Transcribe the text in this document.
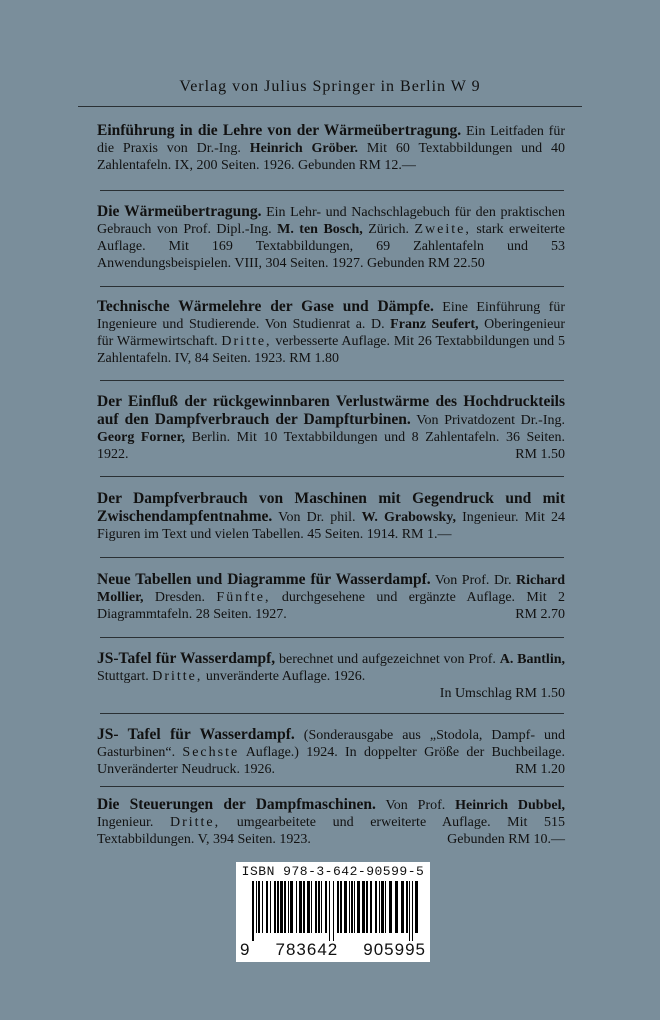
Verlag von Julius Springer in Berlin W 9
Einführung in die Lehre von der Wärmeübertragung. Ein Leitfaden für die Praxis von Dr.-Ing. Heinrich Gröber. Mit 60 Textabbildungen und 40 Zahlentafeln. IX, 200 Seiten. 1926. Gebunden RM 12.—
Die Wärmeübertragung. Ein Lehr- und Nachschlagebuch für den praktischen Gebrauch von Prof. Dipl.-Ing. M. ten Bosch, Zürich. Zweite, stark erweiterte Auflage. Mit 169 Textabbildungen, 69 Zahlentafeln und 53 Anwendungsbeispielen. VIII, 304 Seiten. 1927. Gebunden RM 22.50
Technische Wärmelehre der Gase und Dämpfe. Eine Einführung für Ingenieure und Studierende. Von Studienrat a. D. Franz Seufert, Oberingenieur für Wärmewirtschaft. Dritte, verbesserte Auflage. Mit 26 Textabbildungen und 5 Zahlentafeln. IV, 84 Seiten. 1923. RM 1.80
Der Einfluß der rückgewinnbaren Verlustwärme des Hochdruckteils auf den Dampfverbrauch der Dampfturbinen. Von Privatdozent Dr.-Ing. Georg Forner, Berlin. Mit 10 Textabbildungen und 8 Zahlentafeln. 36 Seiten. 1922.	RM 1.50
Der Dampfverbrauch von Maschinen mit Gegendruck und mit Zwischendampfentnahme. Von Dr. phil. W. Grabowsky, Ingenieur. Mit 24 Figuren im Text und vielen Tabellen. 45 Seiten. 1914. RM 1.—
Neue Tabellen und Diagramme für Wasserdampf. Von Prof. Dr. Richard Mollier, Dresden. Fünfte, durchgesehene und ergänzte Auflage. Mit 2 Diagrammtafeln. 28 Seiten. 1927.	RM 2.70
JS-Tafel für Wasserdampf, berechnet und aufgezeichnet von Prof. A. Bantlin, Stuttgart. Dritte, unveränderte Auflage. 1926.
In Umschlag RM 1.50
JS- Tafel für Wasserdampf. (Sonderausgabe aus „Stodola, Dampf- und Gasturbinen“. Sechste Auflage.) 1924. In doppelter Größe der Buchbeilage. Unveränderter Neudruck. 1926.	RM 1.20
Die Steuerungen der Dampfmaschinen. Von Prof. Heinrich Dubbel, Ingenieur. Dritte, umgearbeitete und erweiterte Auflage. Mit 515 Textabbildungen. V, 394 Seiten. 1923.	Gebunden RM 10.—
ISBN 978-3-642-90599-5
9 783642 905995
